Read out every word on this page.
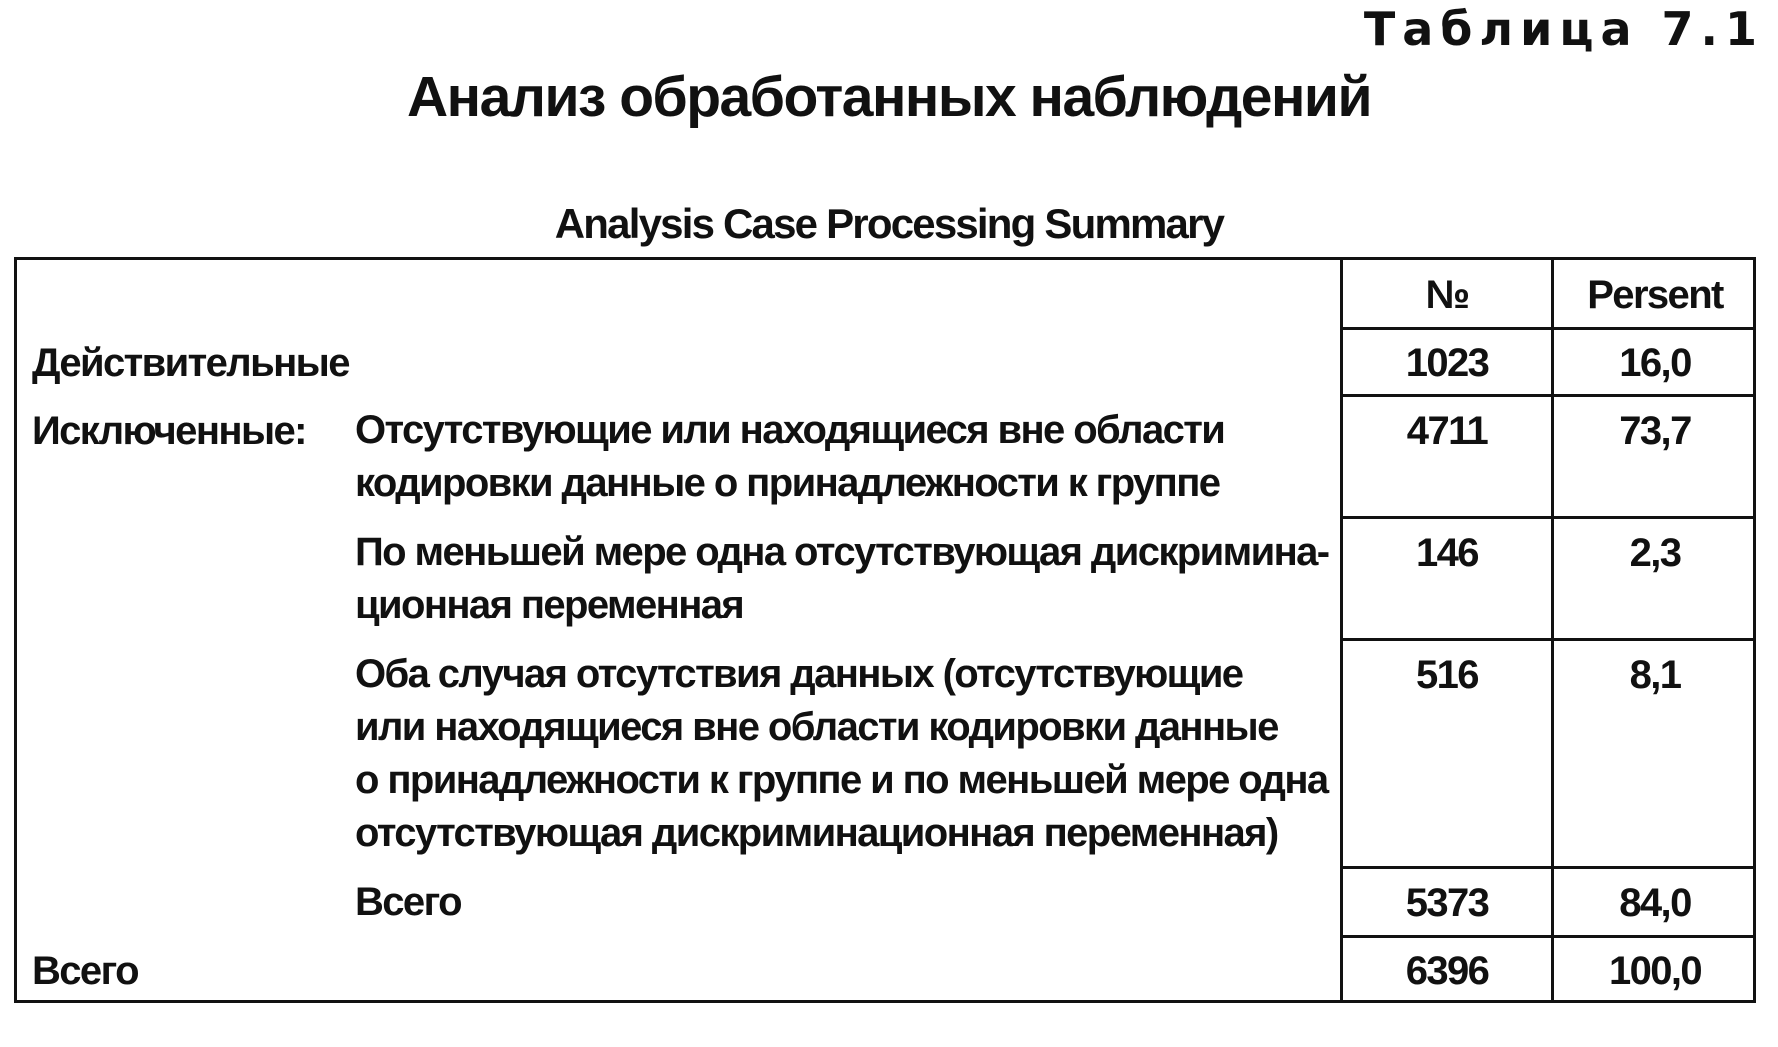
Таблица 7.1
Анализ обработанных наблюдений
Analysis Case Processing Summary
№	Persent
Действительные	1023	16,0
Исключенные: Отсутствующие или находящиеся вне области
кодировки данные о принадлежности к группе
4711	73,7
По меньшей мере одна отсутствующая дискримина-
ционная переменная
146	2,3
Оба случая отсутствия данных (отсутствующие
или находящиеся вне области кодировки данные
о принадлежности к группе и по меньшей мере одна
отсутствующая дискриминационная переменная)
516	8,1
Всего	5373	84,0
Всего	6396	100,0
